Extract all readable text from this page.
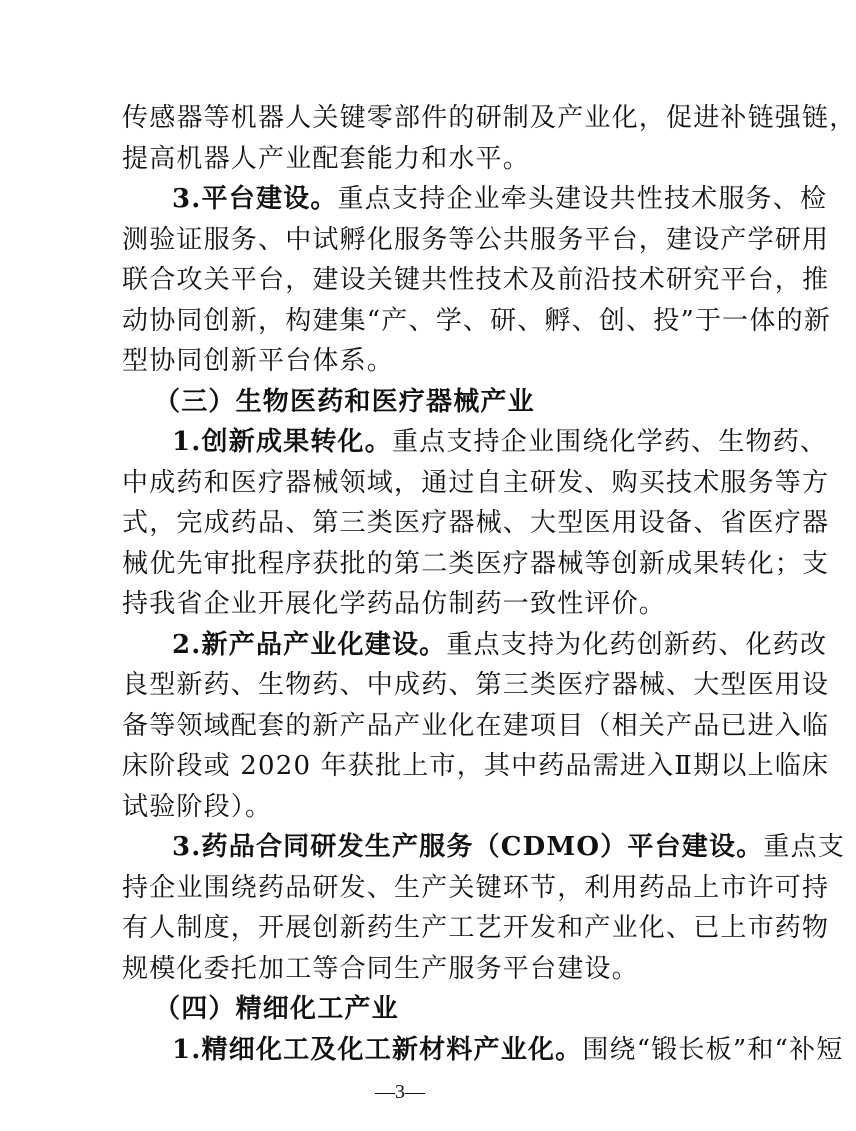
传感器等机器人关键零部件的研制及产业化，促进补链强链，
提高机器人产业配套能力和水平。
3.平台建设。重点支持企业牵头建设共性技术服务、检
测验证服务、中试孵化服务等公共服务平台，建设产学研用
联合攻关平台，建设关键共性技术及前沿技术研究平台，推
动协同创新，构建集“产、学、研、孵、创、投”于一体的新
型协同创新平台体系。
（三）生物医药和医疗器械产业
1.创新成果转化。重点支持企业围绕化学药、生物药、
中成药和医疗器械领域，通过自主研发、购买技术服务等方
式，完成药品、第三类医疗器械、大型医用设备、省医疗器
械优先审批程序获批的第二类医疗器械等创新成果转化；支
持我省企业开展化学药品仿制药一致性评价。
2.新产品产业化建设。重点支持为化药创新药、化药改
良型新药、生物药、中成药、第三类医疗器械、大型医用设
备等领域配套的新产品产业化在建项目（相关产品已进入临
床阶段或 2020 年获批上市，其中药品需进入Ⅱ期以上临床
试验阶段）。
3.药品合同研发生产服务（CDMO）平台建设。重点支
持企业围绕药品研发、生产关键环节，利用药品上市许可持
有人制度，开展创新药生产工艺开发和产业化、已上市药物
规模化委托加工等合同生产服务平台建设。
（四）精细化工产业
1.精细化工及化工新材料产业化。围绕“锻长板”和“补短
—3—
